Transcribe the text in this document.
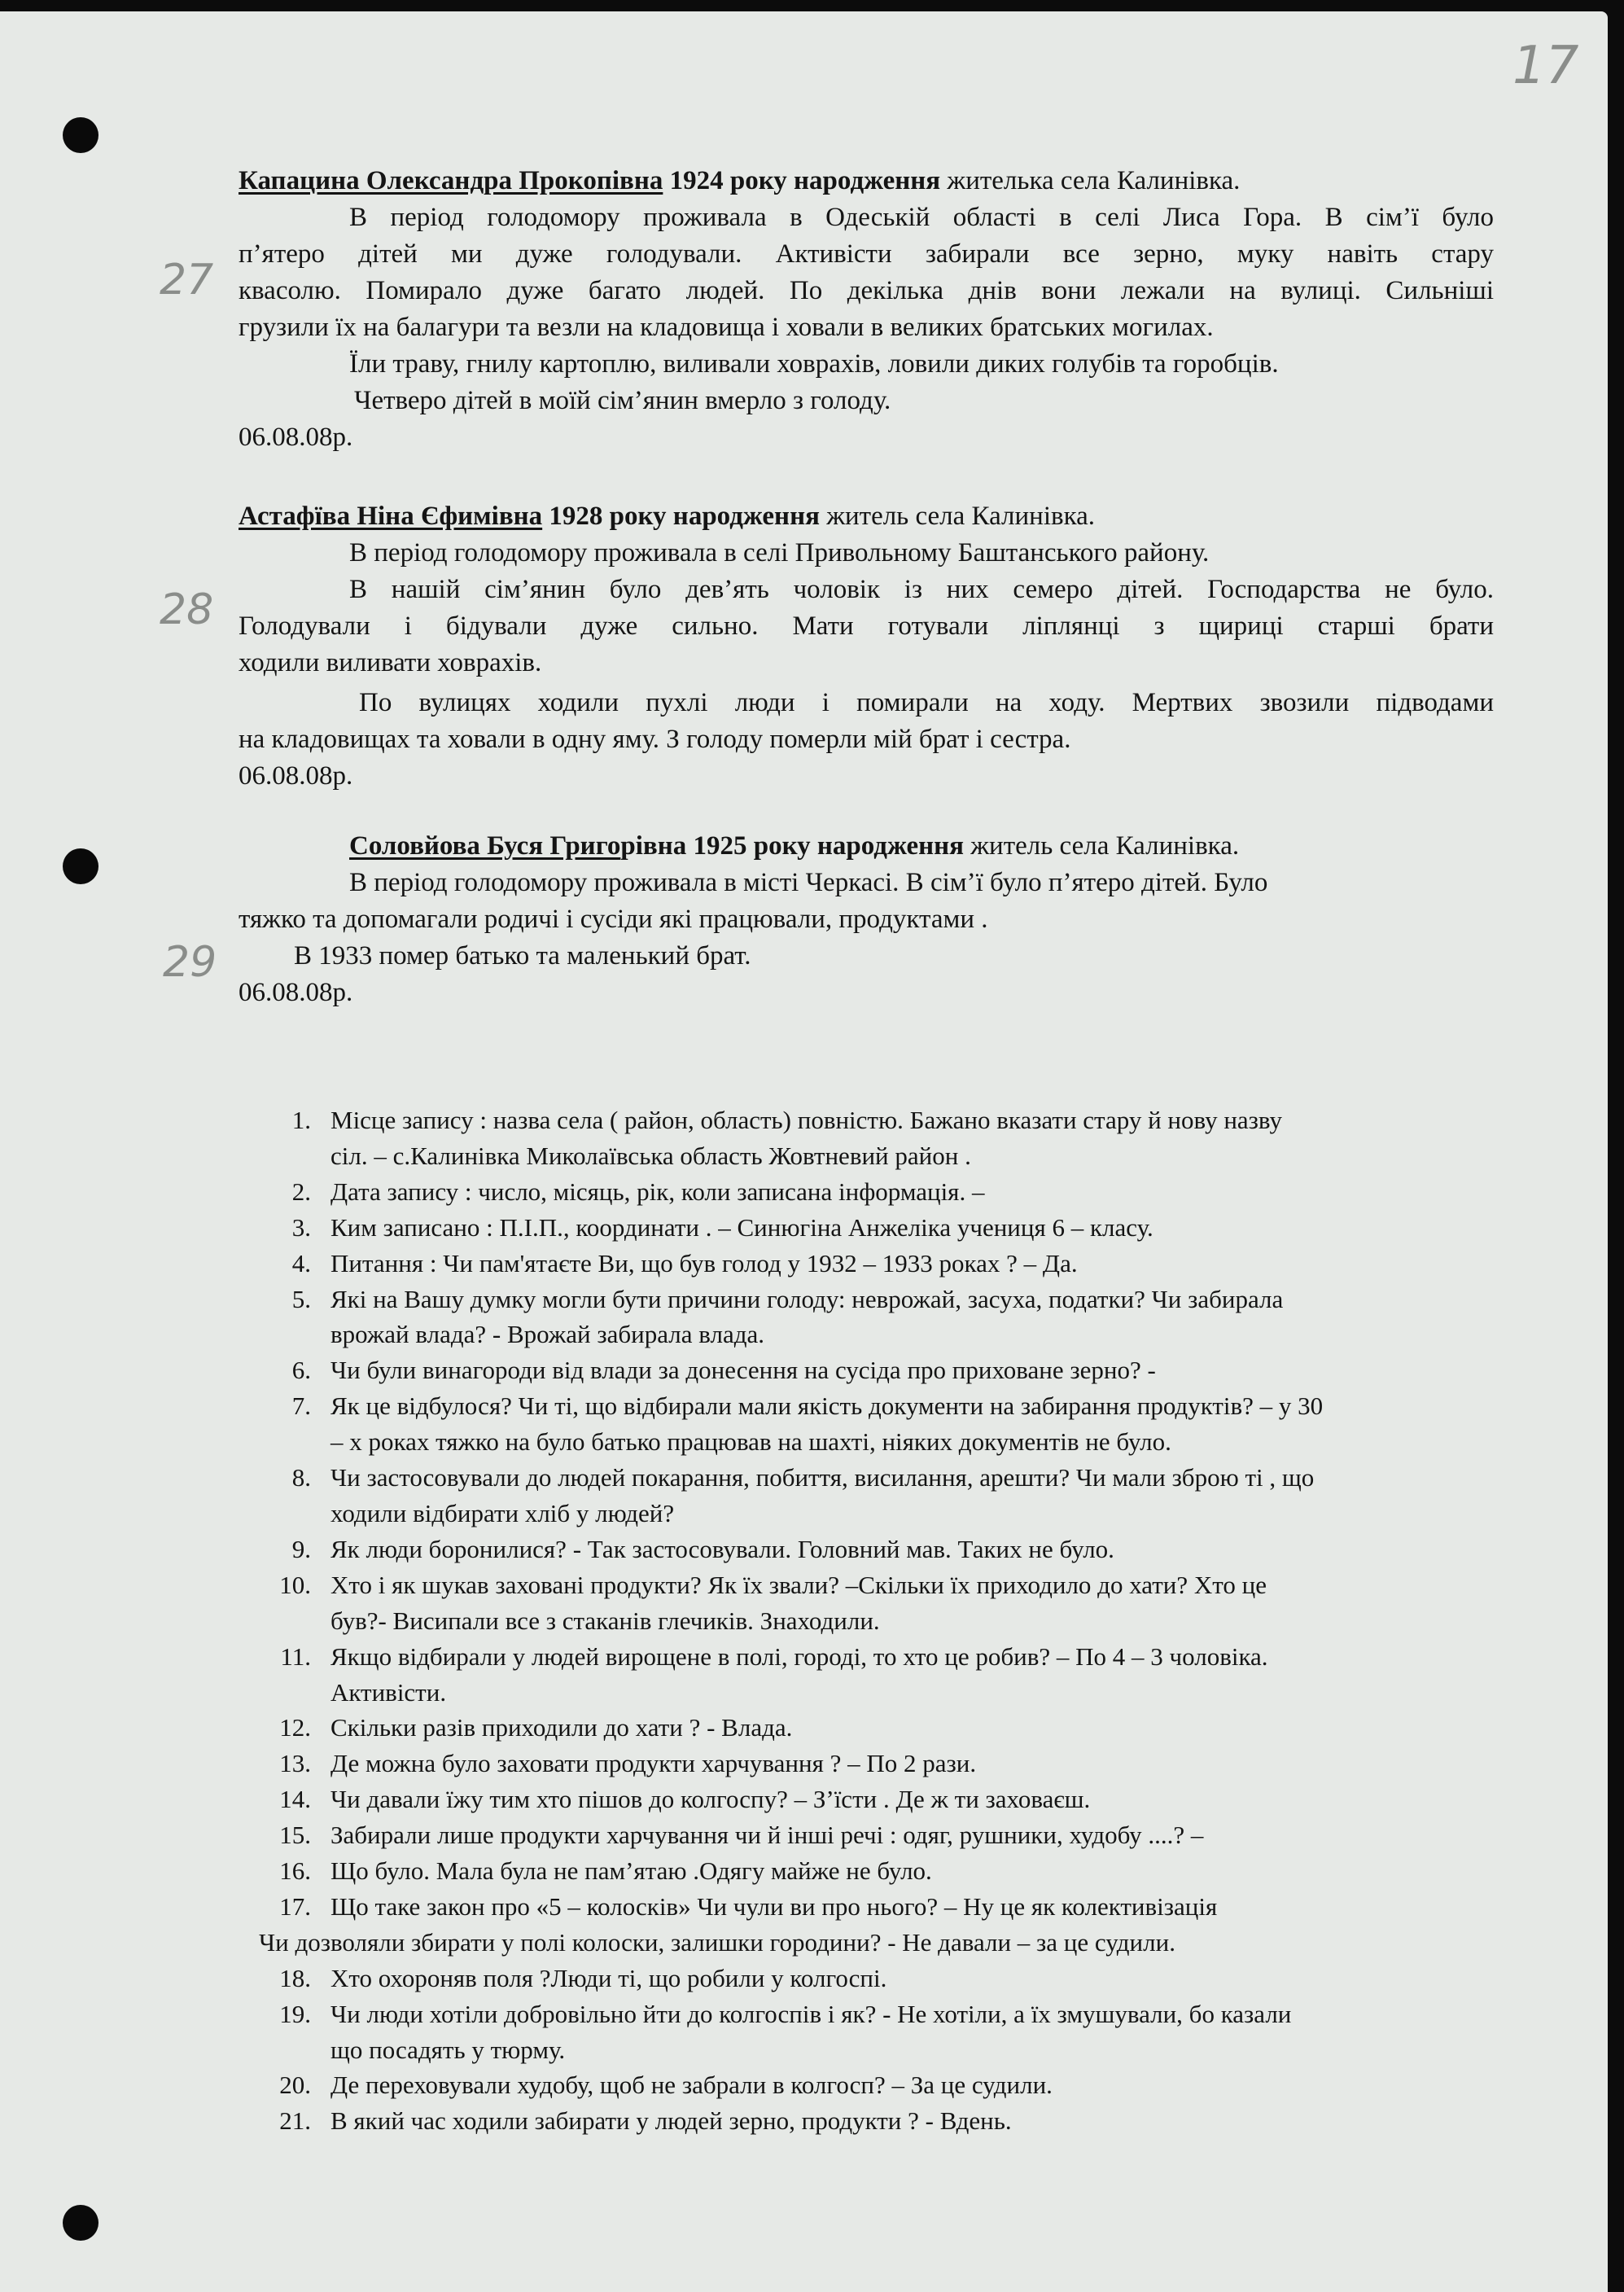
17
27
28
29
Капацина Олександра Прокопівна 1924 року народження жителька села Калинівка.
В період голодомору проживала в Одеській області в селі Лиса Гора. В сім’ї було
п’ятеро дітей ми дуже голодували. Активісти забирали все зерно, муку навіть стару
квасолю. Помирало дуже багато людей. По декілька днів вони лежали на вулиці. Сильніші
грузили їх на балагури та везли на кладовища і ховали в великих братських могилах.
Їли траву, гнилу картоплю, виливали ховрахів, ловили диких голубів та горобців.
Четверо дітей в моїй сім’янин вмерло з голоду.
06.08.08р.
Астафїва Ніна Єфимівна 1928 року народження житель села Калинівка.
В період голодомору проживала в селі Привольному Баштанського району.
В нашій сім’янин було дев’ять чоловік із них семеро дітей. Господарства не було.
Голодували і бідували дуже сильно. Мати готували ліплянці з щириці старші брати
ходили виливати ховрахів.
По вулицях ходили пухлі люди і помирали на ходу. Мертвих звозили підводами
на кладовищах та ховали в одну яму. З голоду померли мій брат і сестра.
06.08.08р.
Соловйова Буся Григорівна 1925 року народження житель села Калинівка.
В період голодомору проживала в місті Черкасі. В сім’ї було п’ятеро дітей. Було
тяжко та допомагали родичі і сусіди які працювали, продуктами .
В 1933 помер батько та маленький брат.
06.08.08р.
1. Місце запису : назва села ( район, область) повністю. Бажано вказати стару й нову назву
сіл. – с.Калинівка Миколаївська область Жовтневий район .
2. Дата запису : число, місяць, рік, коли записана інформація. –
3. Ким записано : П.І.П., координати . – Синюгіна Анжеліка учениця 6 – класу.
4. Питання : Чи пам'ятаєте Ви, що був голод у 1932 – 1933 роках ? – Да.
5. Які на Вашу думку могли бути причини голоду: неврожай, засуха, податки? Чи забирала
врожай влада? - Врожай забирала влада.
6. Чи були винагороди від влади за донесення на сусіда про приховане зерно? -
7. Як це відбулося? Чи ті, що відбирали мали якість документи на забирання продуктів? – у 30
– х роках тяжко на було батько працював на шахті, ніяких документів не було.
8. Чи застосовували до людей покарання, побиття, висилання, арешти? Чи мали зброю ті , що
ходили відбирати хліб у людей?
9. Як люди боронилися? - Так застосовували. Головний мав. Таких не було.
10. Хто і як шукав заховані продукти? Як їх звали? –Скільки їх приходило до хати? Хто це
був?- Висипали все з стаканів глечиків. Знаходили.
11. Якщо відбирали у людей вирощене в полі, городі, то хто це робив? – По 4 – 3 чоловіка.
Активісти.
12. Скільки разів приходили до хати ? - Влада.
13. Де можна було заховати продукти харчування ? – По 2 рази.
14. Чи давали їжу тим хто пішов до колгоспу? – З’їсти . Де ж ти заховаєш.
15. Забирали лише продукти харчування чи й інші речі : одяг, рушники, худобу ....? –
16. Що було. Мала була не пам’ятаю .Одягу майже не було.
17. Що таке закон про «5 – колосків» Чи чули ви про нього? – Ну це як колективізація
Чи дозволяли збирати у полі колоски, залишки городини? - Не давали – за це судили.
18. Хто охороняв поля ?Люди ті, що робили у колгоспі.
19. Чи люди хотіли добровільно йти до колгоспів і як? - Не хотіли, а їх змушували, бо казали
що посадять у тюрму.
20. Де переховували худобу, щоб не забрали в колгосп? – За це судили.
21. В який час ходили забирати у людей зерно, продукти ? - Вдень.
